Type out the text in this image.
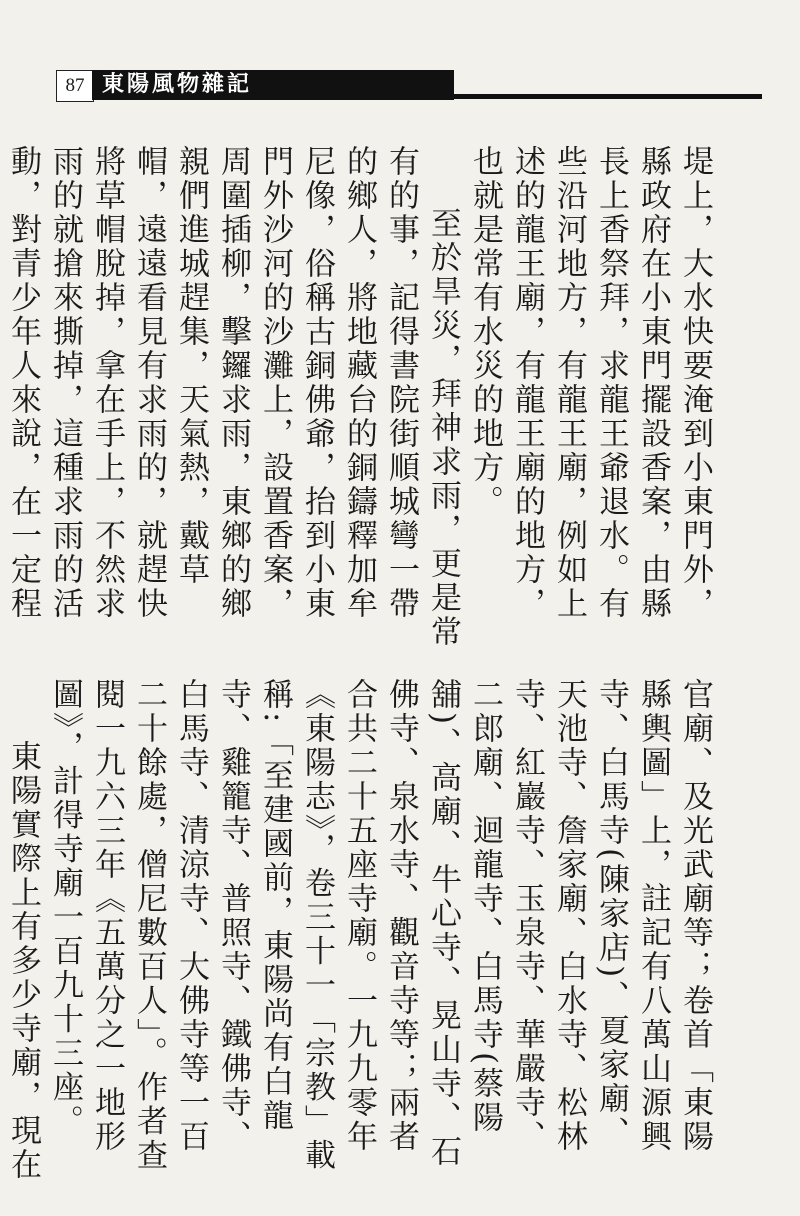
87 東陽風物雜記

堤上，大水快要淹到小東門外，縣政府在小東門擺設香案，由縣長上香祭拜，求龍王爺退水。有些沿河地方，有龍王廟，例如上述的龍王廟，有龍王廟的地方，也就是常有水災的地方。

至於旱災，拜神求雨，更是常有的事，記得書院街順城彎一帶的鄉人，將地藏台的銅鑄釋加牟尼像，俗稱古銅佛爺，抬到小東門外沙河的沙灘上，設置香案，周圍插柳，擊鑼求雨，東鄉的鄉親們進城趕集，天氣熱，戴草帽，遠遠看見有求雨的，就趕快將草帽脫掉，拿在手上，不然求雨的就搶來撕掉，這種求雨的活動，對青少年人來說，在一定程

官廟、及光武廟等；卷首「東陽縣輿圖」上，註記有八萬山源興寺、白馬寺(陳家店)、夏家廟、天池寺、詹家廟、白水寺、松林寺、紅巖寺、玉泉寺、華嚴寺、二郎廟、迴龍寺、白馬寺(蔡陽舖)、高廟、牛心寺、晃山寺、石佛寺、泉水寺、觀音寺等；兩者合共二十五座寺廟。一九九零年《東陽志》，卷三十一「宗教」載稱:「至建國前，東陽尚有白龍寺、雞籠寺、普照寺、鐵佛寺、白馬寺、清涼寺、大佛寺等一百二十餘處，僧尼數百人」。作者查閱一九六三年《五萬分之一地形圖》，計得寺廟一百九十三座。

東陽實際上有多少寺廟，現在
